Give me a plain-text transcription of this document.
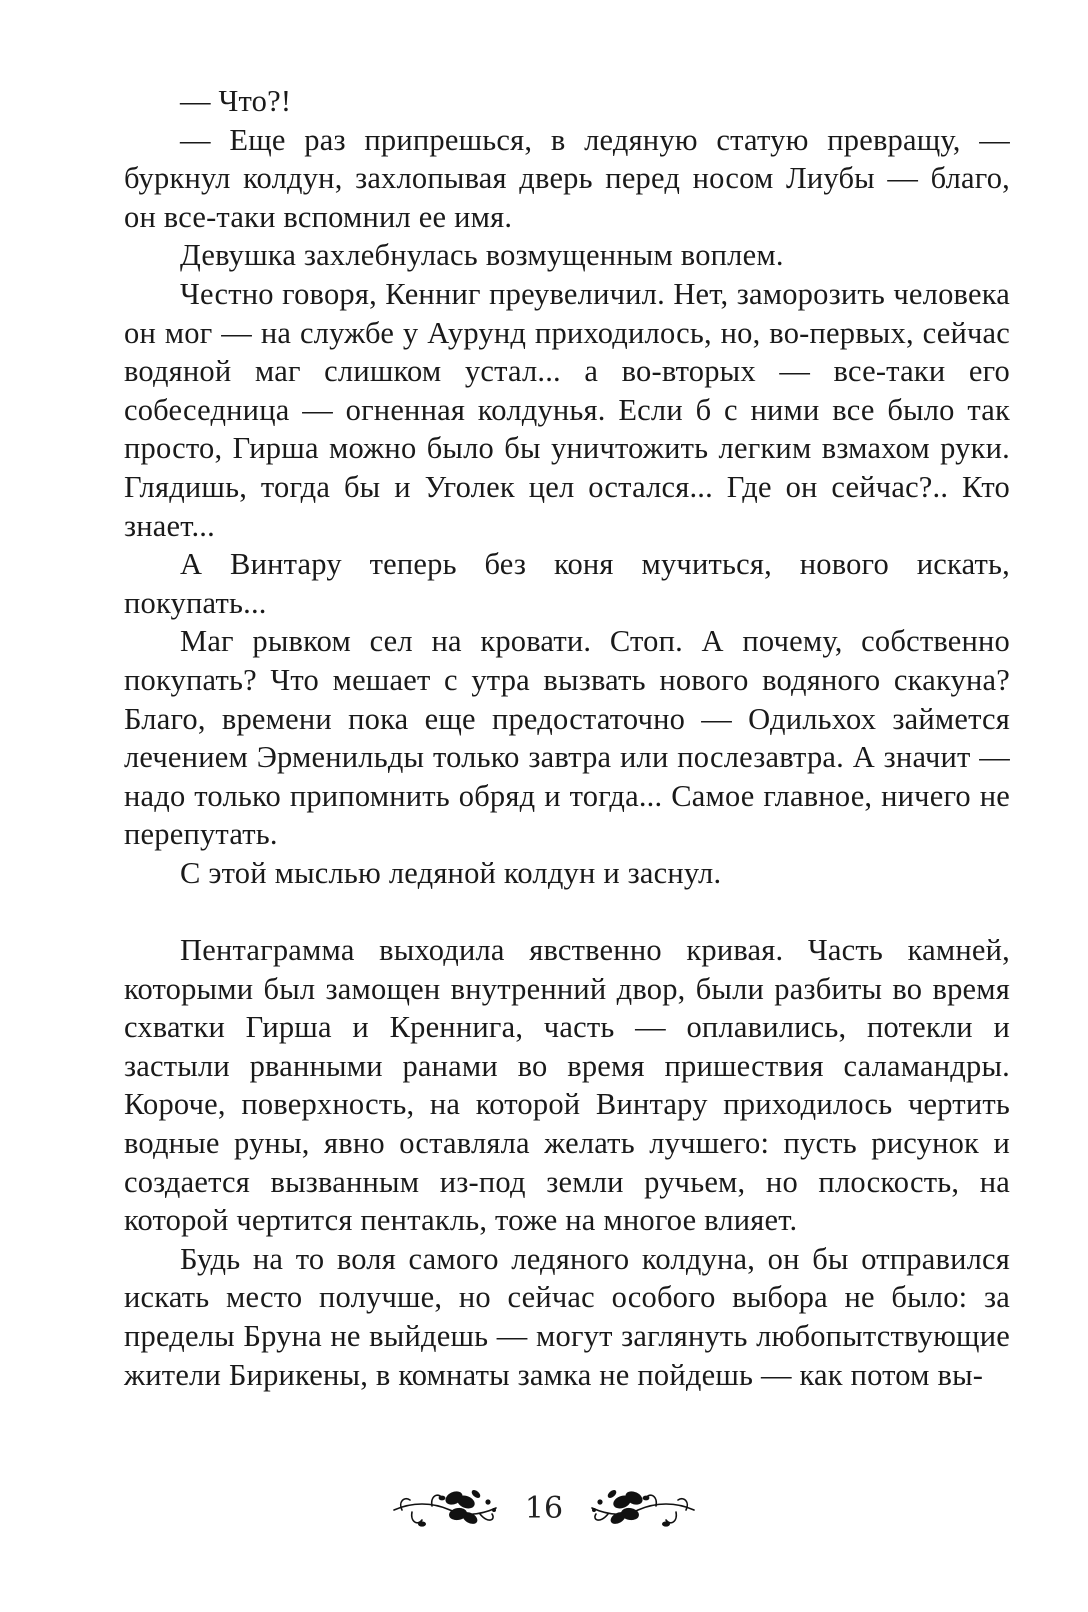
— Что?!

— Еще раз припрешься, в ледяную статую превращу, — буркнул колдун, захлопывая дверь перед носом Лиубы — благо, он все-таки вспомнил ее имя.

Девушка захлебнулась возмущенным воплем.

Честно говоря, Кенниг преувеличил. Нет, заморозить человека он мог — на службе у Аурунд приходилось, но, во-первых, сейчас водяной маг слишком устал... а во-вторых — все-таки его собеседница — огненная колдунья. Если б с ними все было так просто, Гирша можно было бы уничтожить легким взмахом руки. Глядишь, тогда бы и Уголек цел остался... Где он сейчас?.. Кто знает...

А Винтару теперь без коня мучиться, нового искать, покупать...

Маг рывком сел на кровати. Стоп. А почему, собственно покупать? Что мешает с утра вызвать нового водяного скакуна? Благо, времени пока еще предостаточно — Одильхох займется лечением Эрменильды только завтра или послезавтра. А значит — надо только припомнить обряд и тогда... Самое главное, ничего не перепутать.

С этой мыслью ледяной колдун и заснул.

Пентаграмма выходила явственно кривая. Часть камней, которыми был замощен внутренний двор, были разбиты во время схватки Гирша и Креннига, часть — оплавились, потекли и застыли рванными ранами во время пришествия саламандры. Короче, поверхность, на которой Винтару приходилось чертить водные руны, явно оставляла желать лучшего: пусть рисунок и создается вызванным из-под земли ручьем, но плоскость, на которой чертится пентакль, тоже на многое влияет.

Будь на то воля самого ледяного колдуна, он бы отправился искать место получше, но сейчас особого выбора не было: за пределы Бруна не выйдешь — могут заглянуть любопытствующие жители Бирикены, в комнаты замка не пойдешь — как потом вы-

16
